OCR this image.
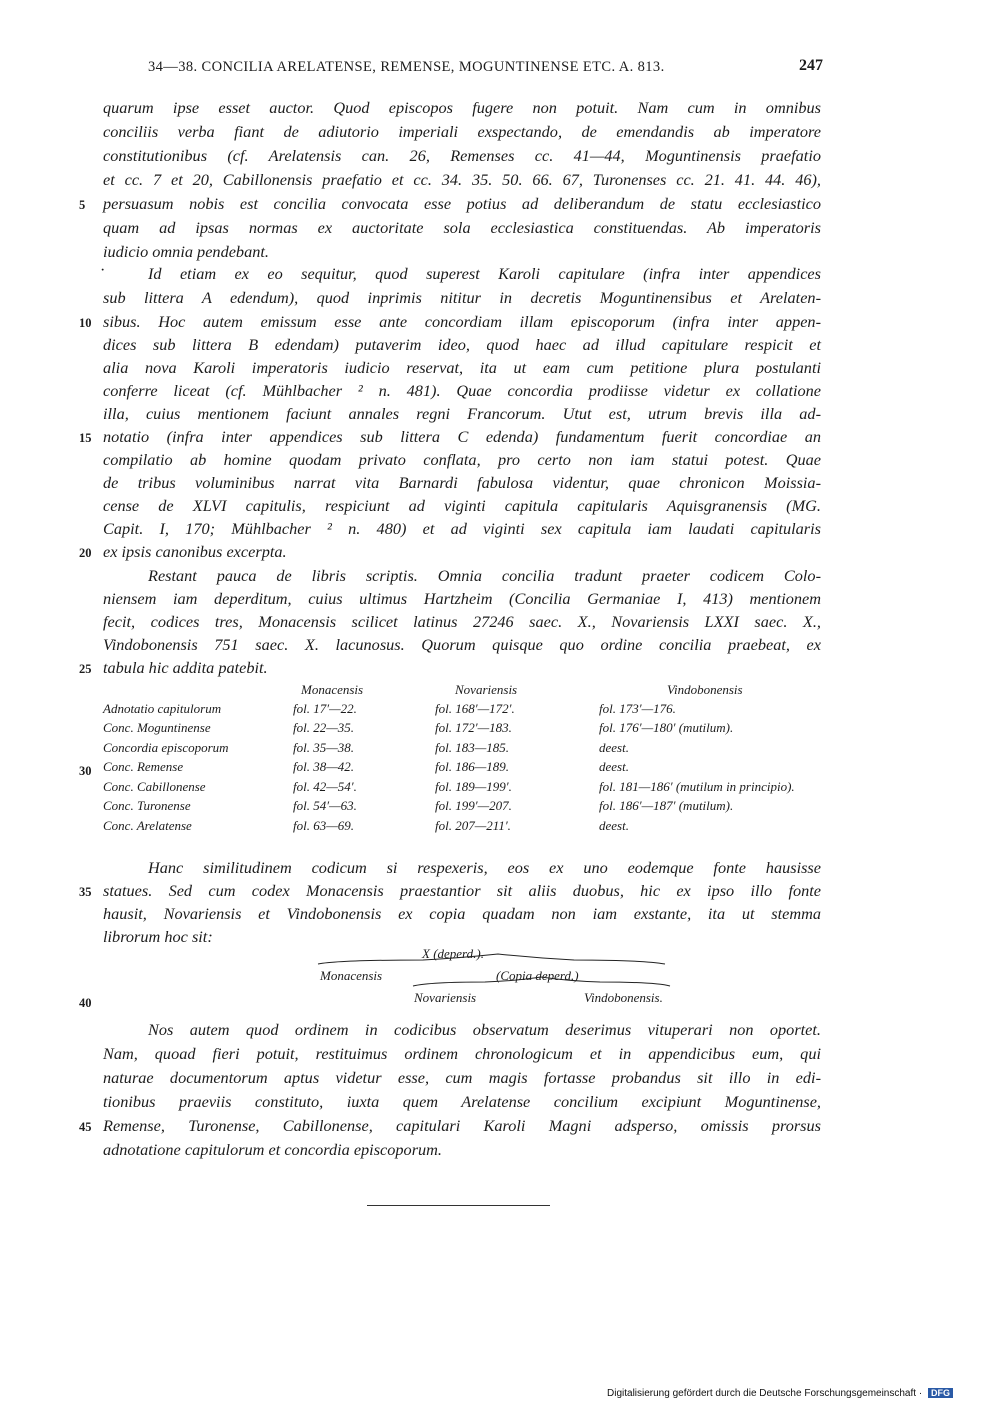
34—38. CONCILIA ARELATENSE, REMENSE, MOGUNTINENSE ETC. A. 813.	247
quarum ipse esset auctor. Quod episcopos fugere non potuit. Nam cum in omnibus
conciliis verba fiant de adiutorio imperiali exspectando, de emendandis ab imperatore
constitutionibus (cf. Arelatensis can. 26, Remenses cc. 41—44, Moguntinensis praefatio
et cc. 7 et 20, Cabillonensis praefatio et cc. 34. 35. 50. 66. 67, Turonenses cc. 21. 41. 44. 46),
persuasum nobis est concilia convocata esse potius ad deliberandum de statu ecclesiastico
quam ad ipsas normas ex auctoritate sola ecclesiastica constituendas. Ab imperatoris
iudicio omnia pendebant.
·	Id etiam ex eo sequitur, quod superest Karoli capitulare (infra inter appendices
sub littera A edendum), quod inprimis nititur in decretis Moguntinensibus et Arelaten-
sibus. Hoc autem emissum esse ante concordiam illam episcoporum (infra inter appen-
dices sub littera B edendam) putaverim ideo, quod haec ad illud capitulare respicit et
alia nova Karoli imperatoris iudicio reservat, ita ut eam cum petitione plura postulanti
conferre liceat (cf. Mühlbacher ² n. 481). Quae concordia prodiisse videtur ex collatione
illa, cuius mentionem faciunt annales regni Francorum. Utut est, utrum brevis illa ad-
notatio (infra inter appendices sub littera C edenda) fundamentum fuerit concordiae an
compilatio ab homine quodam privato conflata, pro certo non iam statui potest. Quae
de tribus voluminibus narrat vita Barnardi fabulosa videntur, quae chronicon Moissia-
cense de XLVI capitulis, respiciunt ad viginti capitula capitularis Aquisgranensis (MG.
Capit. I, 170; Mühlbacher ² n. 480) et ad viginti sex capitula iam laudati capitularis
ex ipsis canonibus excerpta.
Restant pauca de libris scriptis. Omnia concilia tradunt praeter codicem Colo-
niensem iam deperditum, cuius ultimus Hartzheim (Concilia Germaniae I, 413) mentionem
fecit, codices tres, Monacensis scilicet latinus 27246 saec. X., Novariensis LXXI saec. X.,
Vindobonensis 751 saec. X. lacunosus. Quorum quisque quo ordine concilia praebeat, ex
tabula hic addita patebit.
	Monacensis	Novariensis	Vindobonensis
Adnotatio capitulorum	fol. 17′—22.	fol. 168′—172′.	fol. 173′—176.
Conc. Moguntinense	fol. 22—35.	fol. 172′—183.	fol. 176′—180′ (mutilum).
Concordia episcoporum	fol. 35—38.	fol. 183—185.	deest.
Conc. Remense	fol. 38—42.	fol. 186—189.	deest.
Conc. Cabillonense	fol. 42—54′.	fol. 189—199′.	fol. 181—186′ (mutilum in principio).
Conc. Turonense	fol. 54′—63.	fol. 199′—207.	fol. 186′—187′ (mutilum).
Conc. Arelatense	fol. 63—69.	fol. 207—211′.	deest.
Hanc similitudinem codicum si respexeris, eos ex uno eodemque fonte hausisse
statues. Sed cum codex Monacensis praestantior sit aliis duobus, hic ex ipso illo fonte
hausit, Novariensis et Vindobonensis ex copia quadam non iam exstante, ita ut stemma
librorum hoc sit:
X (deperd.).
Monacensis	(Copia deperd.)
Novariensis	Vindobonensis.
Nos autem quod ordinem in codicibus observatum deserimus vituperari non oportet.
Nam, quoad fieri potuit, restituimus ordinem chronologicum et in appendicibus eum, qui
naturae documentorum aptus videtur esse, cum magis fortasse probandus sit illo in edi-
tionibus praeviis constituto, iuxta quem Arelatense concilium excipiunt Moguntinense,
Remense, Turonense, Cabillonense, capitulari Karoli Magni adsperso, omissis prorsus
adnotatione capitulorum et concordia episcoporum.
5
10
15
20
25
30
35
40
45
Digitalisierung gefördert durch die Deutsche Forschungsgemeinschaft · DFG
